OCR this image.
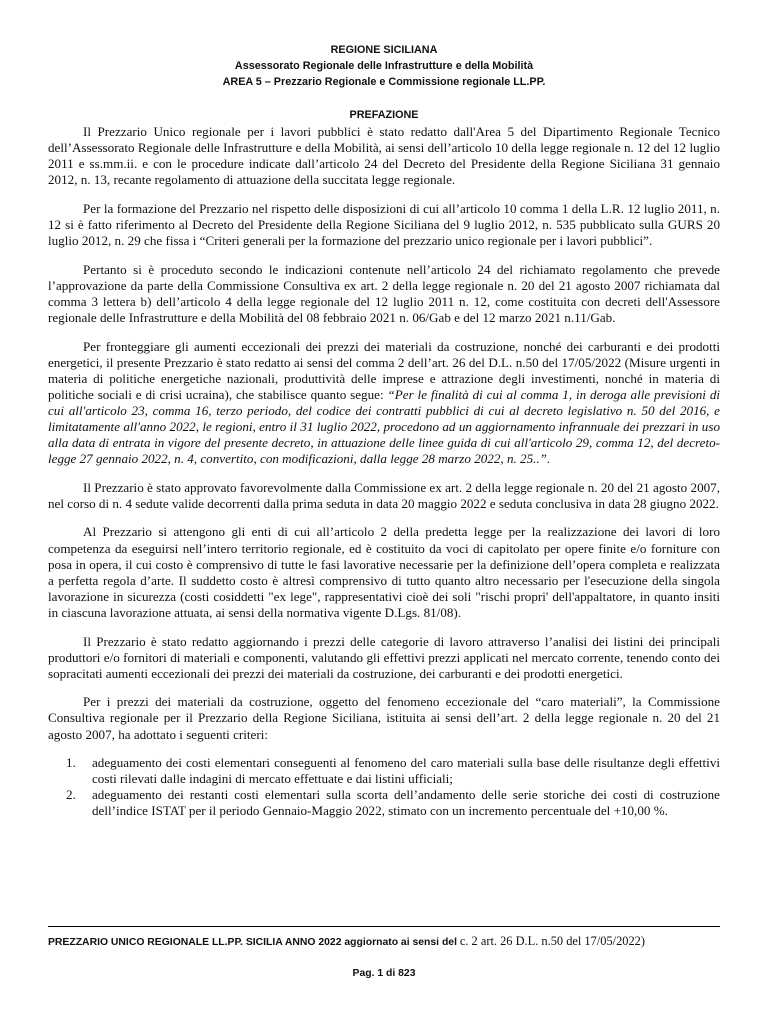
REGIONE SICILIANA
Assessorato Regionale delle Infrastrutture e della Mobilità
AREA 5 – Prezzario Regionale e Commissione regionale LL.PP.
PREFAZIONE

Il Prezzario Unico regionale per i lavori pubblici è stato redatto dall'Area 5 del Dipartimento Regionale Tecnico dell’Assessorato Regionale delle Infrastrutture e della Mobilità, ai sensi dell’articolo 10 della legge regionale n. 12 del 12 luglio 2011 e ss.mm.ii. e con le procedure indicate dall’articolo 24 del Decreto del Presidente della Regione Siciliana 31 gennaio 2012, n. 13, recante regolamento di attuazione della succitata legge regionale.

Per la formazione del Prezzario nel rispetto delle disposizioni di cui all’articolo 10 comma 1 della L.R. 12 luglio 2011, n. 12 si è fatto riferimento al Decreto del Presidente della Regione Siciliana del 9 luglio 2012, n. 535 pubblicato sulla GURS 20 luglio 2012, n. 29 che fissa i “Criteri generali per la formazione del prezzario unico regionale per i lavori pubblici”.

Pertanto si è proceduto secondo le indicazioni contenute nell’articolo 24 del richiamato regolamento che prevede l’approvazione da parte della Commissione Consultiva ex art. 2 della legge regionale n. 20 del 21 agosto 2007 richiamata dal comma 3 lettera b) dell’articolo 4 della legge regionale del 12 luglio 2011 n. 12, come costituita con decreti dell'Assessore regionale delle Infrastrutture e della Mobilità del 08 febbraio 2021 n. 06/Gab e del 12 marzo 2021 n.11/Gab.

Per fronteggiare gli aumenti eccezionali dei prezzi dei materiali da costruzione, nonché dei carburanti e dei prodotti energetici, il presente Prezzario è stato redatto ai sensi del comma 2 dell’art. 26 del D.L. n.50 del 17/05/2022 (Misure urgenti in materia di politiche energetiche nazionali, produttività delle imprese e attrazione degli investimenti, nonché in materia di politiche sociali e di crisi ucraina), che stabilisce quanto segue: “Per le finalità di cui al comma 1, in deroga alle previsioni di cui all'articolo 23, comma 16, terzo periodo, del codice dei contratti pubblici di cui al decreto legislativo n. 50 del 2016, e limitatamente all'anno 2022, le regioni, entro il 31 luglio 2022, procedono ad un aggiornamento infrannuale dei prezzari in uso alla data di entrata in vigore del presente decreto, in attuazione delle linee guida di cui all'articolo 29, comma 12, del decreto-legge 27 gennaio 2022, n. 4, convertito, con modificazioni, dalla legge 28 marzo 2022, n. 25..”.

Il Prezzario è stato approvato favorevolmente dalla Commissione ex art. 2 della legge regionale n. 20 del 21 agosto 2007, nel corso di n. 4 sedute valide decorrenti dalla prima seduta in data 20 maggio 2022 e seduta conclusiva in data 28 giugno 2022.

Al Prezzario si attengono gli enti di cui all’articolo 2 della predetta legge per la realizzazione dei lavori di loro competenza da eseguirsi nell’intero territorio regionale, ed è costituito da voci di capitolato per opere finite e/o forniture con posa in opera, il cui costo è comprensivo di tutte le fasi lavorative necessarie per la definizione dell’opera completa e realizzata a perfetta regola d’arte. Il suddetto costo è altresì comprensivo di tutto quanto altro necessario per l'esecuzione della singola lavorazione in sicurezza (costi cosiddetti "ex lege", rappresentativi cioè dei soli "rischi propri' dell'appaltatore, in quanto insiti in ciascuna lavorazione attuata, ai sensi della normativa vigente D.Lgs. 81/08).

Il Prezzario è stato redatto aggiornando i prezzi delle categorie di lavoro attraverso l’analisi dei listini dei principali produttori e/o fornitori di materiali e componenti, valutando gli effettivi prezzi applicati nel mercato corrente, tenendo conto dei sopracitati aumenti eccezionali dei prezzi dei materiali da costruzione, dei carburanti e dei prodotti energetici.

Per i prezzi dei materiali da costruzione, oggetto del fenomeno eccezionale del “caro materiali”, la Commissione Consultiva regionale per il Prezzario della Regione Siciliana, istituita ai sensi dell’art. 2 della legge regionale n. 20 del 21 agosto 2007, ha adottato i seguenti criteri:

1. adeguamento dei costi elementari conseguenti al fenomeno del caro materiali sulla base delle risultanze degli effettivi costi rilevati dalle indagini di mercato effettuate e dai listini ufficiali;
2. adeguamento dei restanti costi elementari sulla scorta dell’andamento delle serie storiche dei costi di costruzione dell’indice ISTAT per il periodo Gennaio-Maggio 2022, stimato con un incremento percentuale del +10,00 %.
PREZZARIO UNICO REGIONALE LL.PP. SICILIA ANNO 2022 aggiornato ai sensi del c. 2 art. 26 D.L. n.50 del 17/05/2022)
Pag. 1 di 823
